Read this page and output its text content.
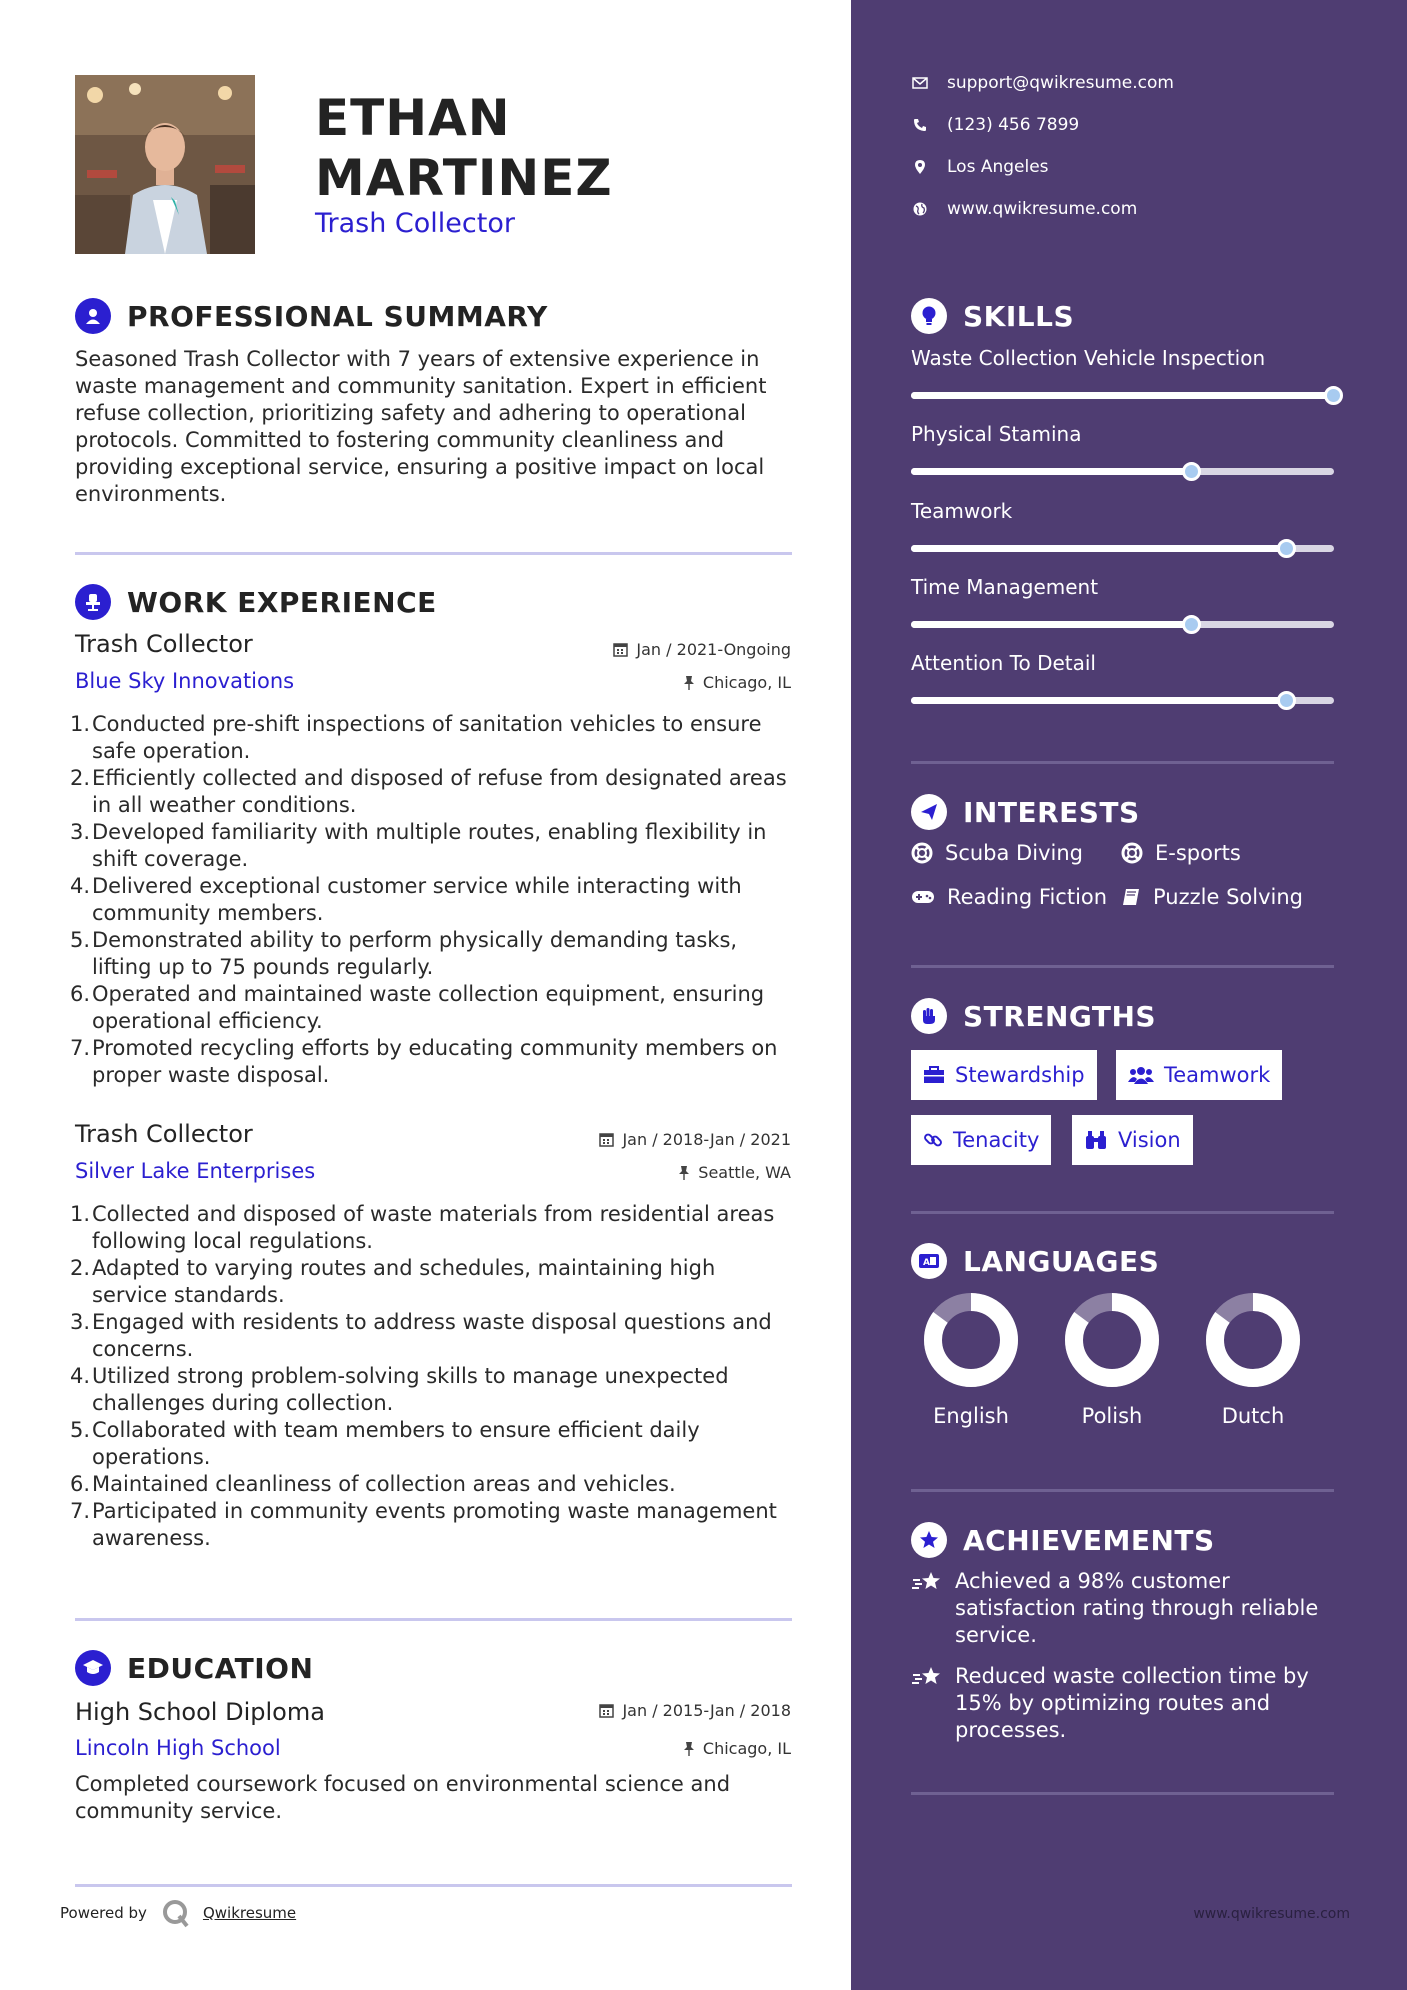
ETHAN
MARTINEZ
Trash Collector
PROFESSIONAL SUMMARY
Seasoned Trash Collector with 7 years of extensive experience in
waste management and community sanitation. Expert in efficient
refuse collection, prioritizing safety and adhering to operational
protocols. Committed to fostering community cleanliness and
providing exceptional service, ensuring a positive impact on local
environments.
WORK EXPERIENCE
Trash Collector	Jan / 2021-Ongoing
Blue Sky Innovations	Chicago, IL
1. Conducted pre-shift inspections of sanitation vehicles to ensure
safe operation.
2. Efficiently collected and disposed of refuse from designated areas
in all weather conditions.
3. Developed familiarity with multiple routes, enabling flexibility in
shift coverage.
4. Delivered exceptional customer service while interacting with
community members.
5. Demonstrated ability to perform physically demanding tasks,
lifting up to 75 pounds regularly.
6. Operated and maintained waste collection equipment, ensuring
operational efficiency.
7. Promoted recycling efforts by educating community members on
proper waste disposal.
Trash Collector	Jan / 2018-Jan / 2021
Silver Lake Enterprises	Seattle, WA
1. Collected and disposed of waste materials from residential areas
following local regulations.
2. Adapted to varying routes and schedules, maintaining high
service standards.
3. Engaged with residents to address waste disposal questions and
concerns.
4. Utilized strong problem-solving skills to manage unexpected
challenges during collection.
5. Collaborated with team members to ensure efficient daily
operations.
6. Maintained cleanliness of collection areas and vehicles.
7. Participated in community events promoting waste management
awareness.
EDUCATION
High School Diploma	Jan / 2015-Jan / 2018
Lincoln High School	Chicago, IL
Completed coursework focused on environmental science and
community service.
Powered by	Qwikresume
support@qwikresume.com
(123) 456 7899
Los Angeles
www.qwikresume.com
SKILLS
Waste Collection Vehicle Inspection
Physical Stamina
Teamwork
Time Management
Attention To Detail
INTERESTS
Scuba Diving	E-sports
Reading Fiction Puzzle Solving
STRENGTHS
Stewardship	Teamwork
Tenacity	Vision
A LANGUAGES
English	Polish	Dutch
ACHIEVEMENTS
Achieved a 98% customer
satisfaction rating through reliable
service.
Reduced waste collection time by
15% by optimizing routes and
processes.
www.qwikresume.com
